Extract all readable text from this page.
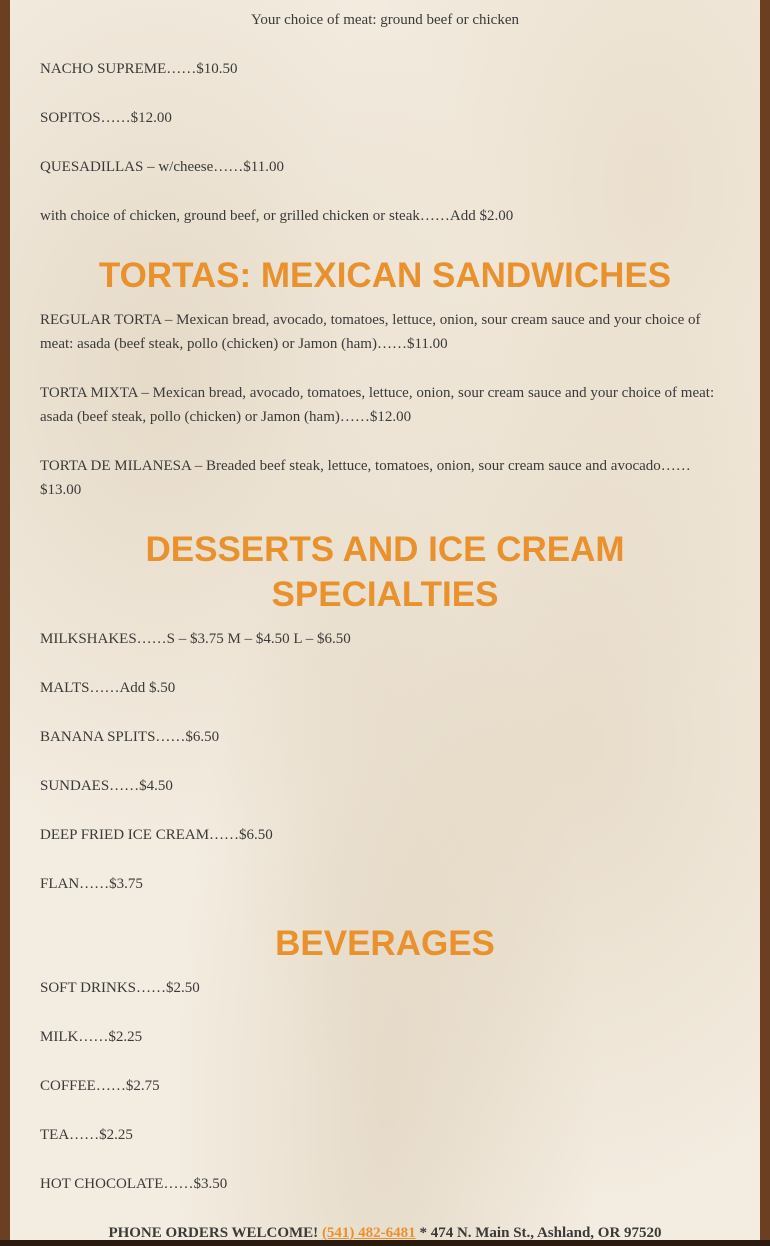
Your choice of meat: ground beef or chicken

NACHO SUPREME……$10.50

SOPITOS……$12.00

QUESADILLAS – w/cheese……$11.00

with choice of chicken, ground beef, or grilled chicken or steak……Add $2.00

TORTAS: MEXICAN SANDWICHES

REGULAR TORTA – Mexican bread, avocado, tomatoes, lettuce, onion, sour cream sauce and your choice of meat: asada (beef steak, pollo (chicken) or Jamon (ham)……$11.00

TORTA MIXTA – Mexican bread, avocado, tomatoes, lettuce, onion, sour cream sauce and your choice of meat: asada (beef steak, pollo (chicken) or Jamon (ham)……$12.00

TORTA DE MILANESA – Breaded beef steak, lettuce, tomatoes, onion, sour cream sauce and avocado……$13.00

DESSERTS AND ICE CREAM
SPECIALTIES

MILKSHAKES……S – $3.75 M – $4.50 L – $6.50

MALTS……Add $.50

BANANA SPLITS……$6.50

SUNDAES……$4.50

DEEP FRIED ICE CREAM……$6.50

FLAN……$3.75

BEVERAGES

SOFT DRINKS……$2.50

MILK……$2.25

COFFEE……$2.75

TEA……$2.25

HOT CHOCOLATE……$3.50

PHONE ORDERS WELCOME! (541) 482-6481 * 474 N. Main St., Ashland, OR 97520
